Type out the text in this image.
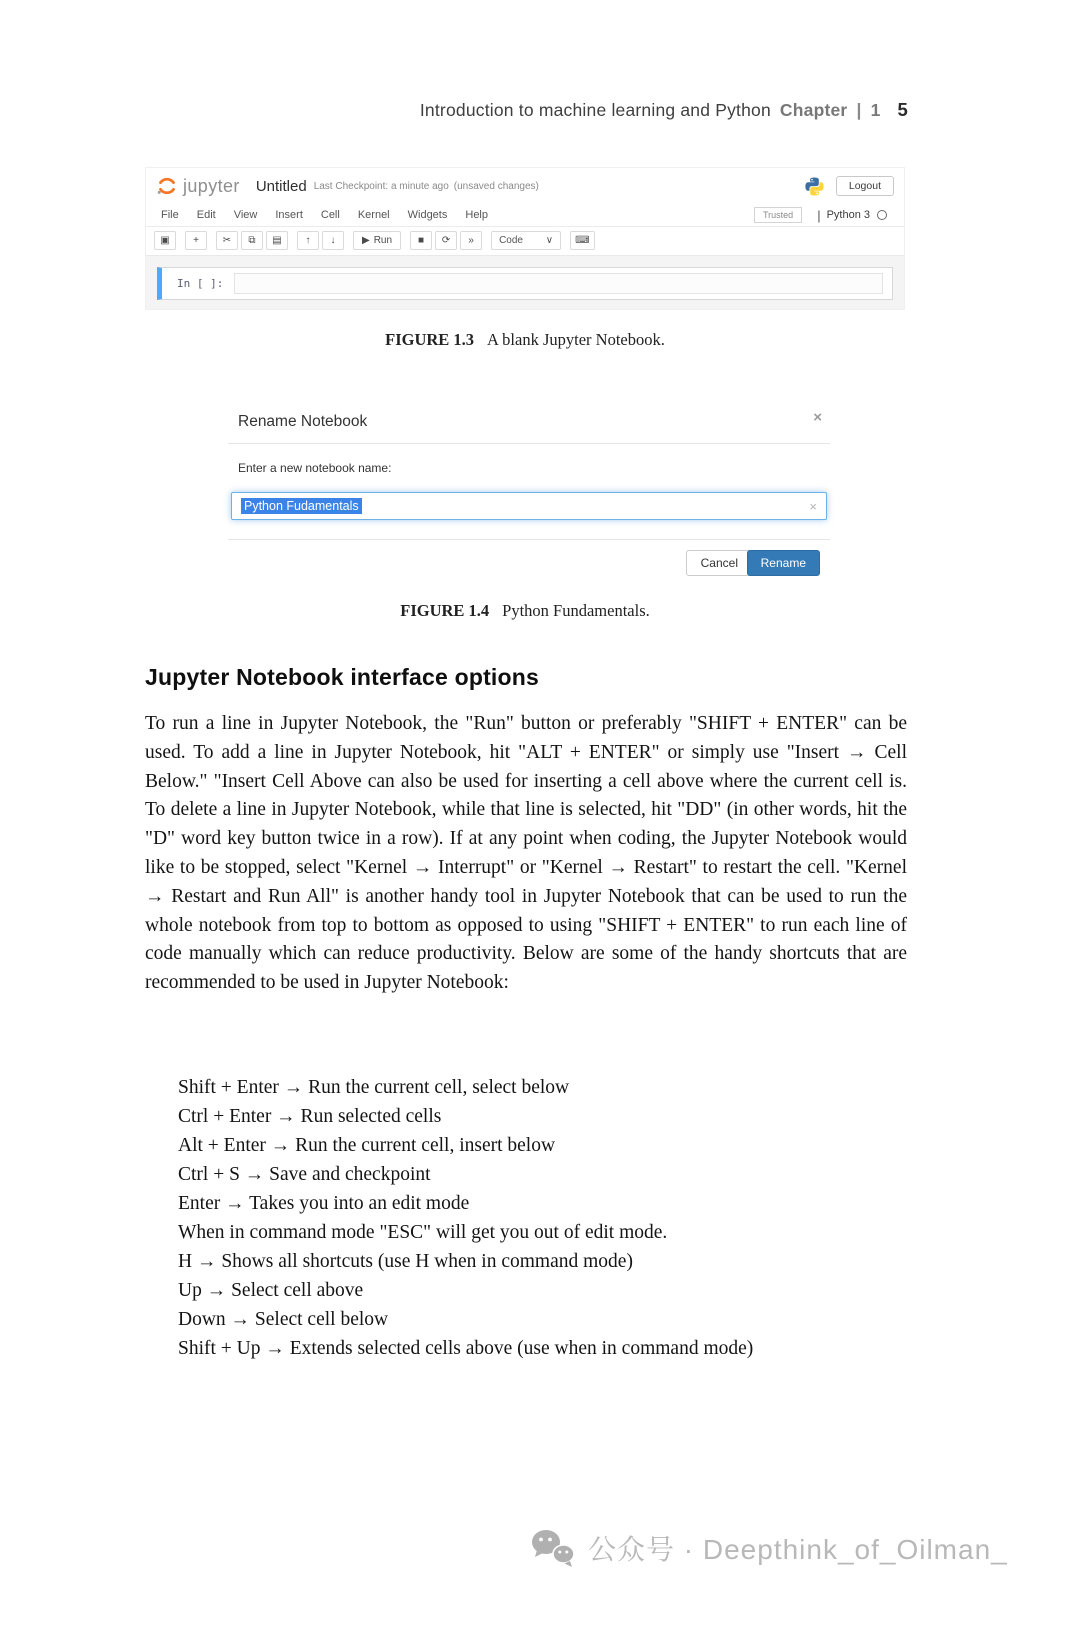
Introduction to machine learning and Python Chapter | 1 5
jupyter Untitled Last Checkpoint: a minute ago (unsaved changes)	Logout
File Edit View Insert Cell Kernel Widgets Help	Trusted	| Python 3
▣ + ✂ ⧉ ▤ ↑ ↓	▶ Run	■ ⟳ »	Code ∨ ⌨
In [ ]:
FIGURE 1.3 A blank Jupyter Notebook.
Rename Notebook	×
Enter a new notebook name:
Python Fudamentals	×
Cancel	Rename
FIGURE 1.4 Python Fundamentals.
Jupyter Notebook interface options

To run a line in Jupyter Notebook, the "Run" button or preferably "SHIFT + ENTER" can be used. To add a line in Jupyter Notebook, hit "ALT + ENTER" or simply use "Insert → Cell Below." "Insert Cell Above can also be used for inserting a cell above where the current cell is. To delete a line in Jupyter Notebook, while that line is selected, hit "DD" (in other words, hit the "D" word key button twice in a row). If at any point when coding, the Jupyter Notebook would like to be stopped, select "Kernel → Interrupt" or "Kernel → Restart" to restart the cell. "Kernel → Restart and Run All" is another handy tool in Jupyter Notebook that can be used to run the whole notebook from top to bottom as opposed to using "SHIFT + ENTER" to run each line of code manually which can reduce productivity. Below are some of the handy shortcuts that are recommended to be used in Jupyter Notebook:

Shift + Enter → Run the current cell, select below
Ctrl + Enter → Run selected cells
Alt + Enter → Run the current cell, insert below
Ctrl + S → Save and checkpoint
Enter → Takes you into an edit mode
When in command mode "ESC" will get you out of edit mode.
H → Shows all shortcuts (use H when in command mode)
Up → Select cell above
Down → Select cell below
Shift + Up → Extends selected cells above (use when in command mode)
公众号 · Deepthink_of_Oilman_
